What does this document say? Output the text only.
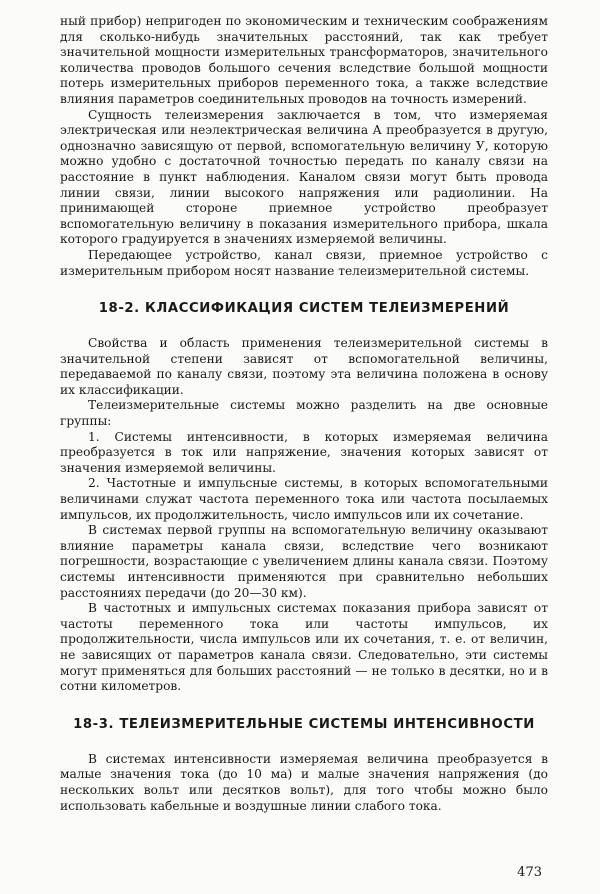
ный прибор) непригоден по экономическим и техническим соображениям для сколько-нибудь значительных расстояний, так как требует значительной мощности измерительных трансформаторов, значительного количества проводов большого сечения вследствие большой мощности потерь измерительных приборов переменного тока, а также вследствие влияния параметров соединительных проводов на точность измерений.

Сущность телеизмерения заключается в том, что измеряемая электрическая или неэлектрическая величина A преобразуется в другую, однозначно зависящую от первой, вспомогательную величину У, которую можно удобно с достаточной точностью передать по каналу связи на расстояние в пункт наблюдения. Каналом связи могут быть провода линии связи, линии высокого напряжения или радиолинии. На принимающей стороне приемное устройство преобразует вспомогательную величину в показания измерительного прибора, шкала которого градуируется в значениях измеряемой величины.

Передающее устройство, канал связи, приемное устройство с измерительным прибором носят название телеизмерительной системы.

18-2. КЛАССИФИКАЦИЯ СИСТЕМ ТЕЛЕИЗМЕРЕНИЙ

Свойства и область применения телеизмерительной системы в значительной степени зависят от вспомогательной величины, передаваемой по каналу связи, поэтому эта величина положена в основу их классификации.

Телеизмерительные системы можно разделить на две основные группы:

1. Системы интенсивности, в которых измеряемая величина преобразуется в ток или напряжение, значения которых зависят от значения измеряемой величины.

2. Частотные и импульсные системы, в которых вспомогательными величинами служат частота переменного тока или частота посылаемых импульсов, их продолжительность, число импульсов или их сочетание.

В системах первой группы на вспомогательную величину оказывают влияние параметры канала связи, вследствие чего возникают погрешности, возрастающие с увеличением длины канала связи. Поэтому системы интенсивности применяются при сравнительно небольших расстояниях передачи (до 20—30 км).

В частотных и импульсных системах показания прибора зависят от частоты переменного тока или частоты импульсов, их продолжительности, числа импульсов или их сочетания, т. е. от величин, не зависящих от параметров канала связи. Следовательно, эти системы могут применяться для больших расстояний — не только в десятки, но и в сотни километров.

18-3. ТЕЛЕИЗМЕРИТЕЛЬНЫЕ СИСТЕМЫ ИНТЕНСИВНОСТИ

В системах интенсивности измеряемая величина преобразуется в малые значения тока (до 10 ма) и малые значения напряжения (до нескольких вольт или десятков вольт), для того чтобы можно было использовать кабельные и воздушные линии слабого тока.

473
